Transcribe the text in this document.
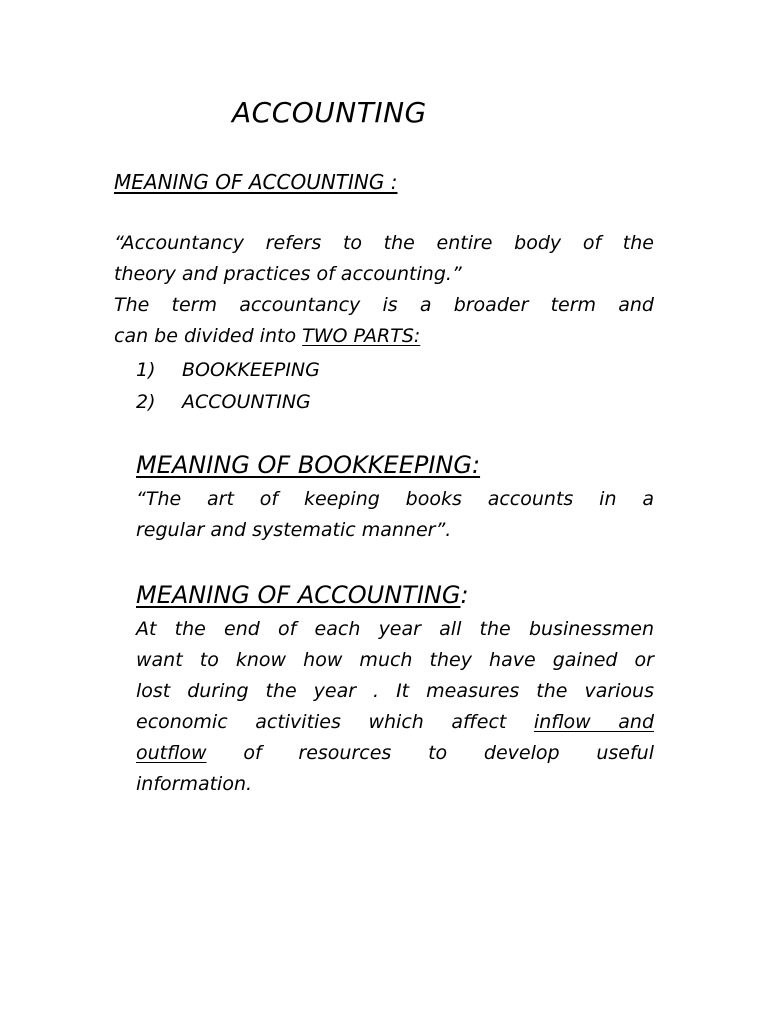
ACCOUNTING
MEANING OF ACCOUNTING :
“Accountancy refers to the entire body of the
theory and practices of accounting.”
The term accountancy is a broader term and
can be divided into TWO PARTS:
1)	BOOKKEEPING
2)	ACCOUNTING
MEANING OF BOOKKEEPING:
“The art of keeping books accounts in a
regular and systematic manner”.
MEANING OF ACCOUNTING:
At the end of each year all the businessmen
want to know how much they have gained or
lost during the year . It measures the various
economic activities which affect inflow and
outflow of resources to develop useful
information.
